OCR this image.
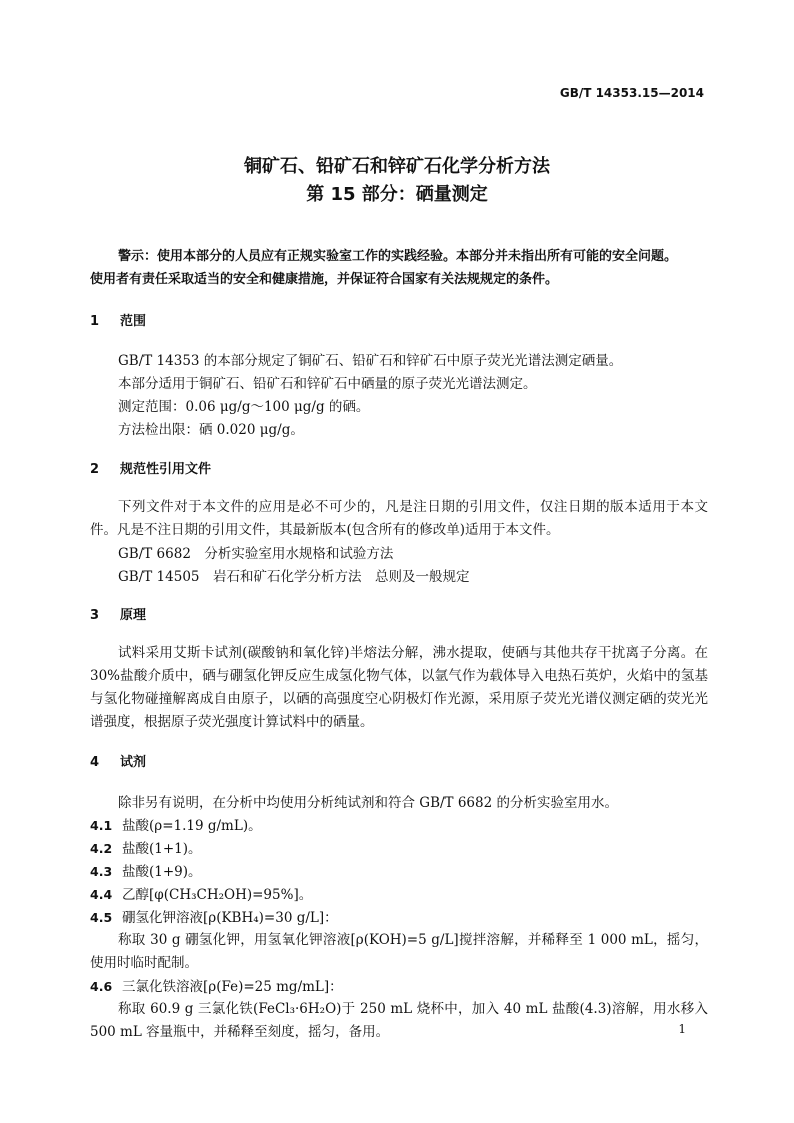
GB/T 14353.15—2014
铜矿石、铅矿石和锌矿石化学分析方法
第 15 部分：硒量测定

警示：使用本部分的人员应有正规实验室工作的实践经验。本部分并未指出所有可能的安全问题。

使用者有责任采取适当的安全和健康措施，并保证符合国家有关法规规定的条件。

1 范围
GB/T 14353 的本部分规定了铜矿石、铅矿石和锌矿石中原子荧光光谱法测定硒量。
本部分适用于铜矿石、铅矿石和锌矿石中硒量的原子荧光光谱法测定。
测定范围：0.06 μg/g～100 μg/g 的硒。
方法检出限：硒 0.020 μg/g。
2 规范性引用文件

下列文件对于本文件的应用是必不可少的，凡是注日期的引用文件，仅注日期的版本适用于本文件。凡是不注日期的引用文件，其最新版本(包含所有的修改单)适用于本文件。

GB/T 6682　分析实验室用水规格和试验方法
GB/T 14505　岩石和矿石化学分析方法　总则及一般规定
3 原理

试料采用艾斯卡试剂(碳酸钠和氧化锌)半熔法分解，沸水提取，使硒与其他共存干扰离子分离。在 30%盐酸介质中，硒与硼氢化钾反应生成氢化物气体，以氩气作为载体导入电热石英炉，火焰中的氢基与氢化物碰撞解离成自由原子，以硒的高强度空心阴极灯作光源，采用原子荧光光谱仪测定硒的荧光光谱强度，根据原子荧光强度计算试料中的硒量。

4 试剂
除非另有说明，在分析中均使用分析纯试剂和符合 GB/T 6682 的分析实验室用水。
4.1 盐酸(ρ=1.19 g/mL)。
4.2 盐酸(1+1)。
4.3 盐酸(1+9)。
4.4 乙醇[φ(CH₃CH₂OH)=95%]。
4.5 硼氢化钾溶液[ρ(KBH₄)=30 g/L]：

称取 30 g 硼氢化钾，用氢氧化钾溶液[ρ(KOH)=5 g/L]搅拌溶解，并稀释至 1 000 mL，摇匀，使用时临时配制。

4.6 三氯化铁溶液[ρ(Fe)=25 mg/mL]：

称取 60.9 g 三氯化铁(FeCl₃·6H₂O)于 250 mL 烧杯中，加入 40 mL 盐酸(4.3)溶解，用水移入 500 mL 容量瓶中，并稀释至刻度，摇匀，备用。	1
